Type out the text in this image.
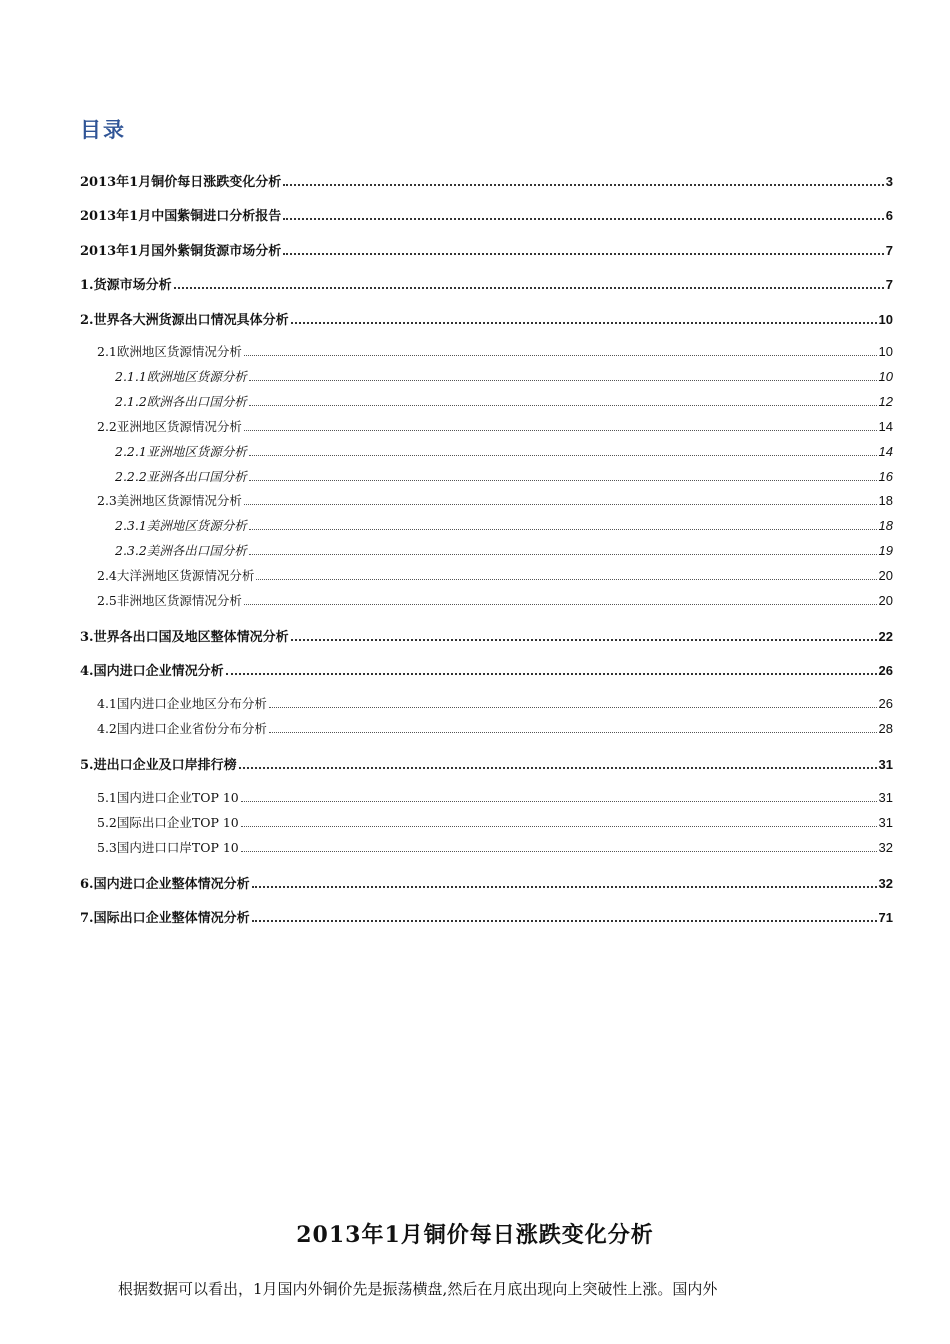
目录
2013年1月铜价每日涨跌变化分析	3
2013年1月中国紫铜进口分析报告	6
2013年1月国外紫铜货源市场分析	7
1.货源市场分析	7
2.世界各大洲货源出口情况具体分析	10
2.1欧洲地区货源情况分析	10
2.1.1欧洲地区货源分析	10
2.1.2欧洲各出口国分析	12
2.2亚洲地区货源情况分析	14
2.2.1亚洲地区货源分析	14
2.2.2亚洲各出口国分析	16
2.3美洲地区货源情况分析	18
2.3.1美洲地区货源分析	18
2.3.2美洲各出口国分析	19
2.4大洋洲地区货源情况分析	20
2.5非洲地区货源情况分析	20
3.世界各出口国及地区整体情况分析	22
4.国内进口企业情况分析	26
4.1国内进口企业地区分布分析	26
4.2国内进口企业省份分布分析	28
5.进出口企业及口岸排行榜	31
5.1国内进口企业TOP 10	31
5.2国际出口企业TOP 10	31
5.3国内进口口岸TOP 10	32
6.国内进口企业整体情况分析	32
7.国际出口企业整体情况分析	71
2013年1月铜价每日涨跌变化分析
根据数据可以看出，1月国内外铜价先是振荡横盘,然后在月底出现向上突破性上涨。国内外
